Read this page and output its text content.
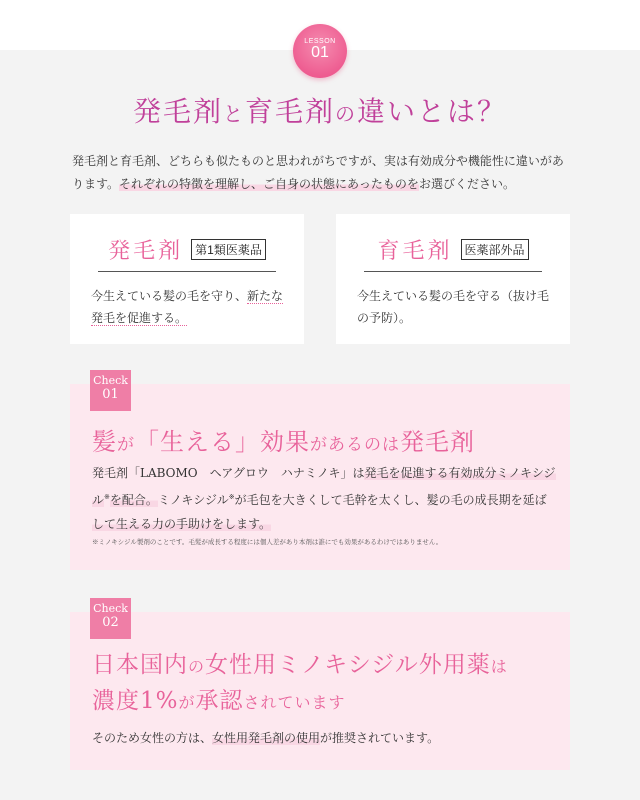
LESSON
01
発毛剤と育毛剤の違いとは？
発毛剤と育毛剤、どちらも似たものと思われがちですが、実は有効成分や機能性に違いがあ
ります。それぞれの特徴を理解し、ご自身の状態にあったものをお選びください。
発毛剤 第1類医薬品
今生えている髪の毛を守り、新たな
発毛を促進する。
育毛剤 医薬部外品
今生えている髪の毛を守る（抜け毛
の予防）。
Check
01
髪が「生える」効果があるのは発毛剤
発毛剤「LABOMO　ヘアグロウ　ハナミノキ」は発毛を促進する有効成分ミノキシジ
ル※を配合。ミノキシジル※が毛包を大きくして毛幹を太くし、髪の毛の成長期を延ば
して生える力の手助けをします。
※ミノキシジル製剤のことです。毛髪が成長する程度には個人差があり本剤は誰にでも効果があるわけではありません。
Check
02
日本国内の女性用ミノキシジル外用薬は
濃度1%が承認されています
そのため女性の方は、女性用発毛剤の使用が推奨されています。
